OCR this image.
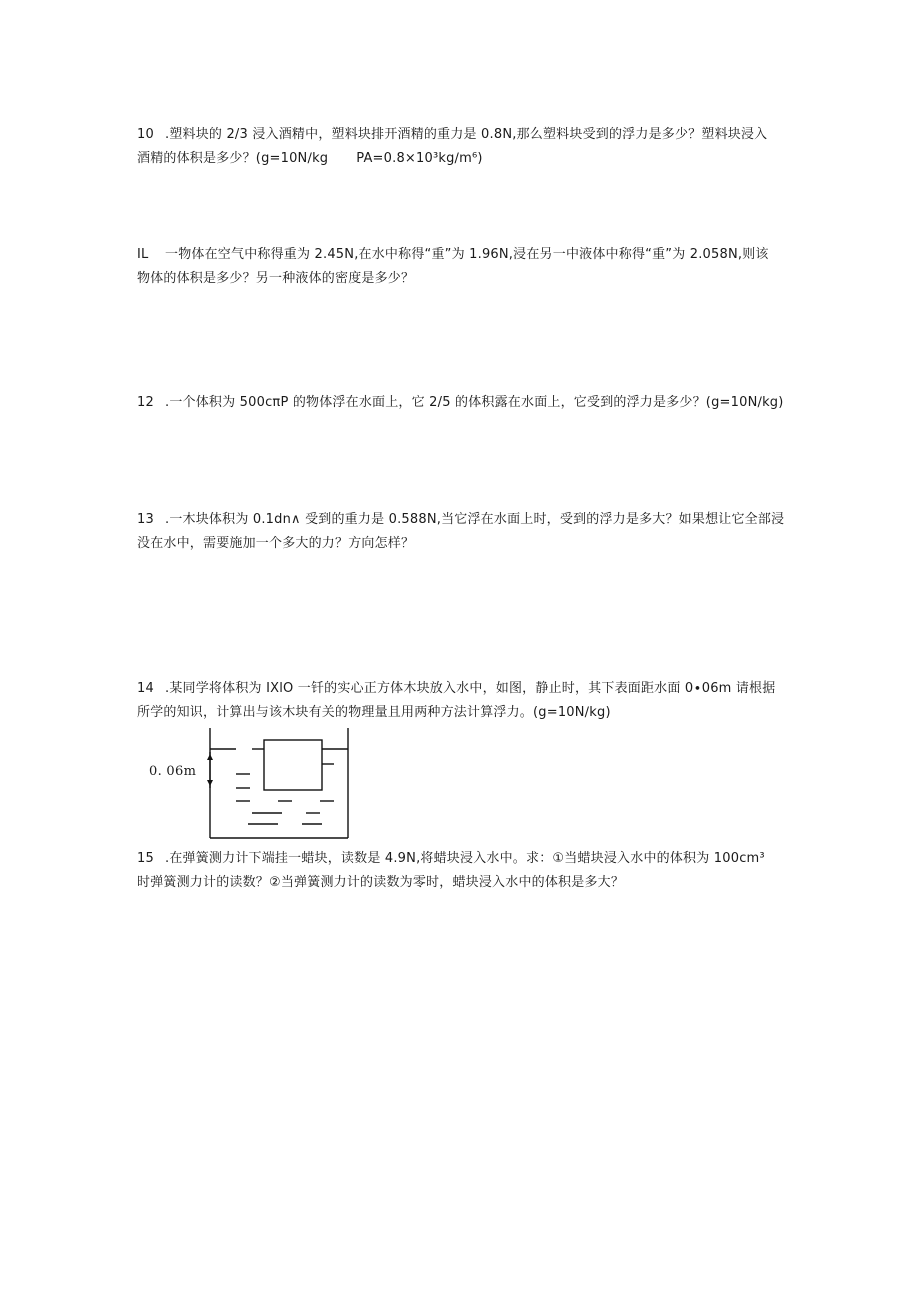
10 .塑料块的 2/3 浸入酒精中，塑料块排开酒精的重力是 0.8N,那么塑料块受到的浮力是多少？塑料块浸入
酒精的体积是多少？(g=10N∕kg PA=0.8×10³kg∕m⁶)
IL 一物体在空气中称得重为 2.45N,在水中称得“重”为 1.96N,浸在另一中液体中称得“重”为 2.058N,则该
物体的体积是多少？另一种液体的密度是多少？
12 .一个体积为 500cπP 的物体浮在水面上，它 2/5 的体积露在水面上，它受到的浮力是多少？(g=10N∕kg)
13 .一木块体积为 0.1dn∧ 受到的重力是 0.588N,当它浮在水面上时，受到的浮力是多大？如果想让它全部浸
没在水中，需要施加一个多大的力？方向怎样？
14 .某同学将体积为 IXlO 一钎的实心正方体木块放入水中，如图，静止时，其下表面距水面 0∙06m 请根据
所学的知识，计算出与该木块有关的物理量且用两种方法计算浮力。(g=10N∕kg)
0. 06m
15 .在弹簧测力计下端挂一蜡块，读数是 4.9N,将蜡块浸入水中。求：①当蜡块浸入水中的体积为 100cm³
时弹簧测力计的读数？②当弹簧测力计的读数为零时，蜡块浸入水中的体积是多大？
